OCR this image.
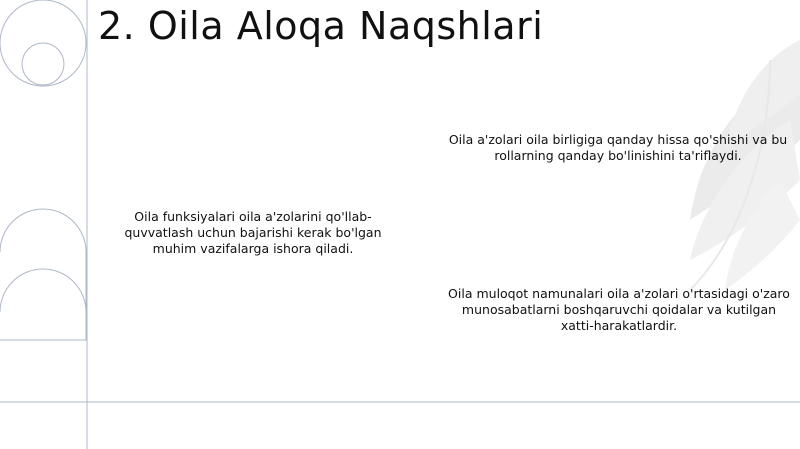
2. Oila Aloqa Naqshlari

Oila funksiyalari oila a'zolarini qo'llab-quvvatlash uchun bajarishi kerak bo'lgan muhim vazifalarga ishora qiladi.

Oila a'zolari oila birligiga qanday hissa qo'shishi va bu rollarning qanday bo'linishini ta'riflaydi.

Oila muloqot namunalari oila a'zolari o'rtasidagi o'zaro munosabatlarni boshqaruvchi qoidalar va kutilgan xatti-harakatlardir.
